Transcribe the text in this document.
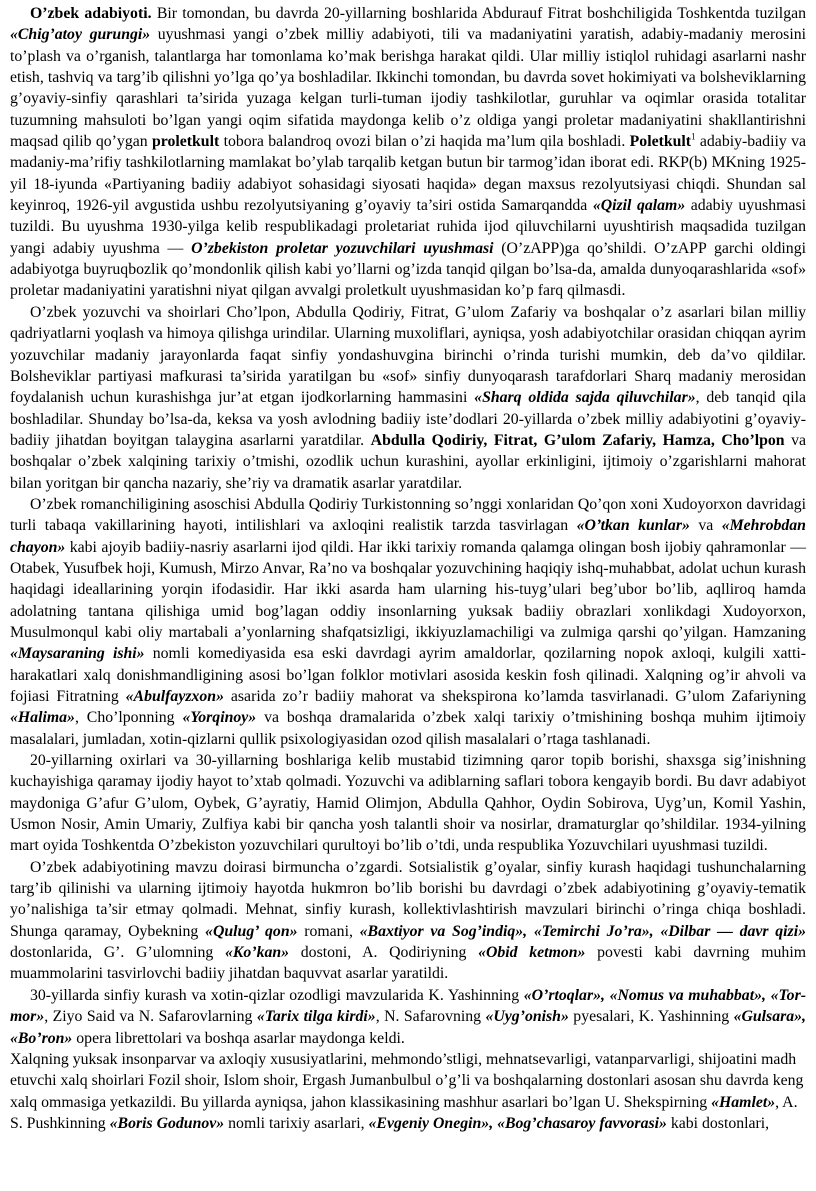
O’zbek adabiyoti. Bir tomondan, bu davrda 20-yillarning boshlarida Abdurauf Fitrat boshchiligida Toshkentda tuzilgan «Chig’atoy gurungi» uyushmasi yangi o’zbek milliy adabiyoti, tili va madaniyatini yaratish, adabiy-madaniy merosini to’plash va o’rganish, talantlarga har tomonlama ko’mak berishga harakat qildi. Ular milliy istiqlol ruhidagi asarlarni nashr etish, tashviq va targ’ib qilishni yo’lga qo’ya boshladilar. Ikkinchi tomondan, bu davrda sovet hokimiyati va bolsheviklarning g’oyaviy-sinfiy qarashlari ta’sirida yuzaga kelgan turli-tuman ijodiy tashkilotlar, guruhlar va oqimlar orasida totalitar tuzumning mahsuloti bo’lgan yangi oqim sifatida maydonga kelib o’z oldiga yangi proletar madaniyatini shakllantirishni maqsad qilib qo’ygan proletkult tobora balandroq ovozi bilan o’zi haqida ma’lum qila boshladi. Poletkult$^1$ adabiy-badiiy va madaniy-ma’rifiy tashkilotlarning mamlakat bo’ylab tarqalib ketgan butun bir tarmog’idan iborat edi. RKP(b) MKning 1925-yil 18-iyunda «Partiyaning badiiy adabiyot sohasidagi siyosati haqida» degan maxsus rezolyutsiyasi chiqdi. Shundan sal keyinroq, 1926-yil avgustida ushbu rezolyutsiyaning g’oyaviy ta’siri ostida Samarqandda «Qizil qalam» adabiy uyushmasi tuzildi. Bu uyushma 1930-yilga kelib respublikadagi proletariat ruhida ijod qiluvchilarni uyushtirish maqsadida tuzilgan yangi adabiy uyushma — O’zbekiston proletar yozuvchilari uyushmasi (O’zAPP)ga qo’shildi. O’zAPP garchi oldingi adabiyotga buyruqbozlik qo’mondonlik qilish kabi yo’llarni og’izda tanqid qilgan bo’lsa-da, amalda dunyoqarashlarida «sof» proletar madaniyatini yaratishni niyat qilgan avvalgi proletkult uyushmasidan ko’p farq qilmasdi.

O’zbek yozuvchi va shoirlari Cho’lpon, Abdulla Qodiriy, Fitrat, G’ulom Zafariy va boshqalar o’z asarlari bilan milliy qadriyatlarni yoqlash va himoya qilishga urindilar. Ularning muxoliflari, ayniqsa, yosh adabiyotchilar orasidan chiqqan ayrim yozuvchilar madaniy jarayonlarda faqat sinfiy yondashuvgina birinchi o’rinda turishi mumkin, deb da’vo qildilar. Bolsheviklar partiyasi mafkurasi ta’sirida yaratilgan bu «sof» sinfiy dunyoqarash tarafdorlari Sharq madaniy merosidan foydalanish uchun kurashishga jur’at etgan ijodkorlarning hammasini «Sharq oldida sajda qiluvchilar», deb tanqid qila boshladilar. Shunday bo’lsa-da, keksa va yosh avlodning badiiy iste’dodlari 20-yillarda o’zbek milliy adabiyotini g’oyaviy-badiiy jihatdan boyitgan talaygina asarlarni yaratdilar. Abdulla Qodiriy, Fitrat, G’ulom Zafariy, Hamza, Cho’lpon va boshqalar o’zbek xalqining tarixiy o’tmishi, ozodlik uchun kurashini, ayollar erkinligini, ijtimoiy o’zgarishlarni mahorat bilan yoritgan bir qancha nazariy, she’riy va dramatik asarlar yaratdilar.

O’zbek romanchiligining asoschisi Abdulla Qodiriy Turkistonning so’nggi xonlaridan Qo’qon xoni Xudoyorxon davridagi turli tabaqa vakillarining hayoti, intilishlari va axloqini realistik tarzda tasvirlagan «O’tkan kunlar» va «Mehrobdan chayon» kabi ajoyib badiiy-nasriy asarlarni ijod qildi. Har ikki tarixiy romanda qalamga olingan bosh ijobiy qahramonlar — Otabek, Yusufbek hoji, Kumush, Mirzo Anvar, Ra’no va boshqalar yozuvchining haqiqiy ishq-muhabbat, adolat uchun kurash haqidagi ideallarining yorqin ifodasidir. Har ikki asarda ham ularning his-tuyg’ulari beg’ubor bo’lib, aqlliroq hamda adolatning tantana qilishiga umid bog’lagan oddiy insonlarning yuksak badiiy obrazlari xonlikdagi Xudoyorxon, Musulmonqul kabi oliy martabali a’yonlarning shafqatsizligi, ikkiyuzlamachiligi va zulmiga qarshi qo’yilgan. Hamzaning «Maysaraning ishi» nomli komediyasida esa eski davrdagi ayrim amaldorlar, qozilarning nopok axloqi, kulgili xatti-harakatlari xalq donishmandligining asosi bo’lgan folklor motivlari asosida keskin fosh qilinadi. Xalqning og’ir ahvoli va fojiasi Fitratning «Abulfayzxon» asarida zo’r badiiy mahorat va shekspirona ko’lamda tasvirlanadi. G’ulom Zafariyning «Halima», Cho’lponning «Yorqinoy» va boshqa dramalarida o’zbek xalqi tarixiy o’tmishining boshqa muhim ijtimoiy masalalari, jumladan, xotin-qizlarni qullik psixologiyasidan ozod qilish masalalari o’rtaga tashlanadi.

20-yillarning oxirlari va 30-yillarning boshlariga kelib mustabid tizimning qaror topib borishi, shaxsga sig’inishning kuchayishiga qaramay ijodiy hayot to’xtab qolmadi. Yozuvchi va adiblarning saflari tobora kengayib bordi. Bu davr adabiyot maydoniga G’afur G’ulom, Oybek, G’ayratiy, Hamid Olimjon, Abdulla Qahhor, Oydin Sobirova, Uyg’un, Komil Yashin, Usmon Nosir, Amin Umariy, Zulfiya kabi bir qancha yosh talantli shoir va nosirlar, dramaturglar qo’shildilar. 1934-yilning mart oyida Toshkentda O’zbekiston yozuvchilari qurultoyi bo’lib o’tdi, unda respublika Yozuvchilari uyushmasi tuzildi.

O’zbek adabiyotining mavzu doirasi birmuncha o’zgardi. Sotsialistik g’oyalar, sinfiy kurash haqidagi tushunchalarning targ’ib qilinishi va ularning ijtimoiy hayotda hukmron bo’lib borishi bu davrdagi o’zbek adabiyotining g’oyaviy-tematik yo’nalishiga ta’sir etmay qolmadi. Mehnat, sinfiy kurash, kollektivlashtirish mavzulari birinchi o’ringa chiqa boshladi. Shunga qaramay, Oybekning «Qulug’ qon» romani, «Baxtiyor va Sog’indiq», «Temirchi Jo’ra», «Dilbar — davr qizi» dostonlarida, G’. G’ulomning «Ko’kan» dostoni, A. Qodiriyning «Obid ketmon» povesti kabi davrning muhim muammolarini tasvirlovchi badiiy jihatdan baquvvat asarlar yaratildi.

30-yillarda sinfiy kurash va xotin-qizlar ozodligi mavzularida K. Yashinning «O’rtoqlar», «Nomus va muhabbat», «Tor-mor», Ziyo Said va N. Safarovlarning «Tarix tilga kirdi», N. Safarovning «Uyg’onish» pyesalari, K. Yashinning «Gulsara», «Bo’ron» opera librettolari va boshqa asarlar maydonga keldi.

Xalqning yuksak insonparvar va axloqiy xususiyatlarini, mehmondo’stligi, mehnatsevarligi, vatanparvarligi, shijoatini madh etuvchi xalq shoirlari Fozil shoir, Islom shoir, Ergash Jumanbulbul o’g’li va boshqalarning dostonlari asosan shu davrda keng xalq ommasiga yetkazildi. Bu yillarda ayniqsa, jahon klassikasining mashhur asarlari bo’lgan U. Shekspirning «Hamlet», A. S. Pushkinning «Boris Godunov» nomli tarixiy asarlari, «Evgeniy Onegin», «Bog’chasaroy favvorasi» kabi dostonlari,
